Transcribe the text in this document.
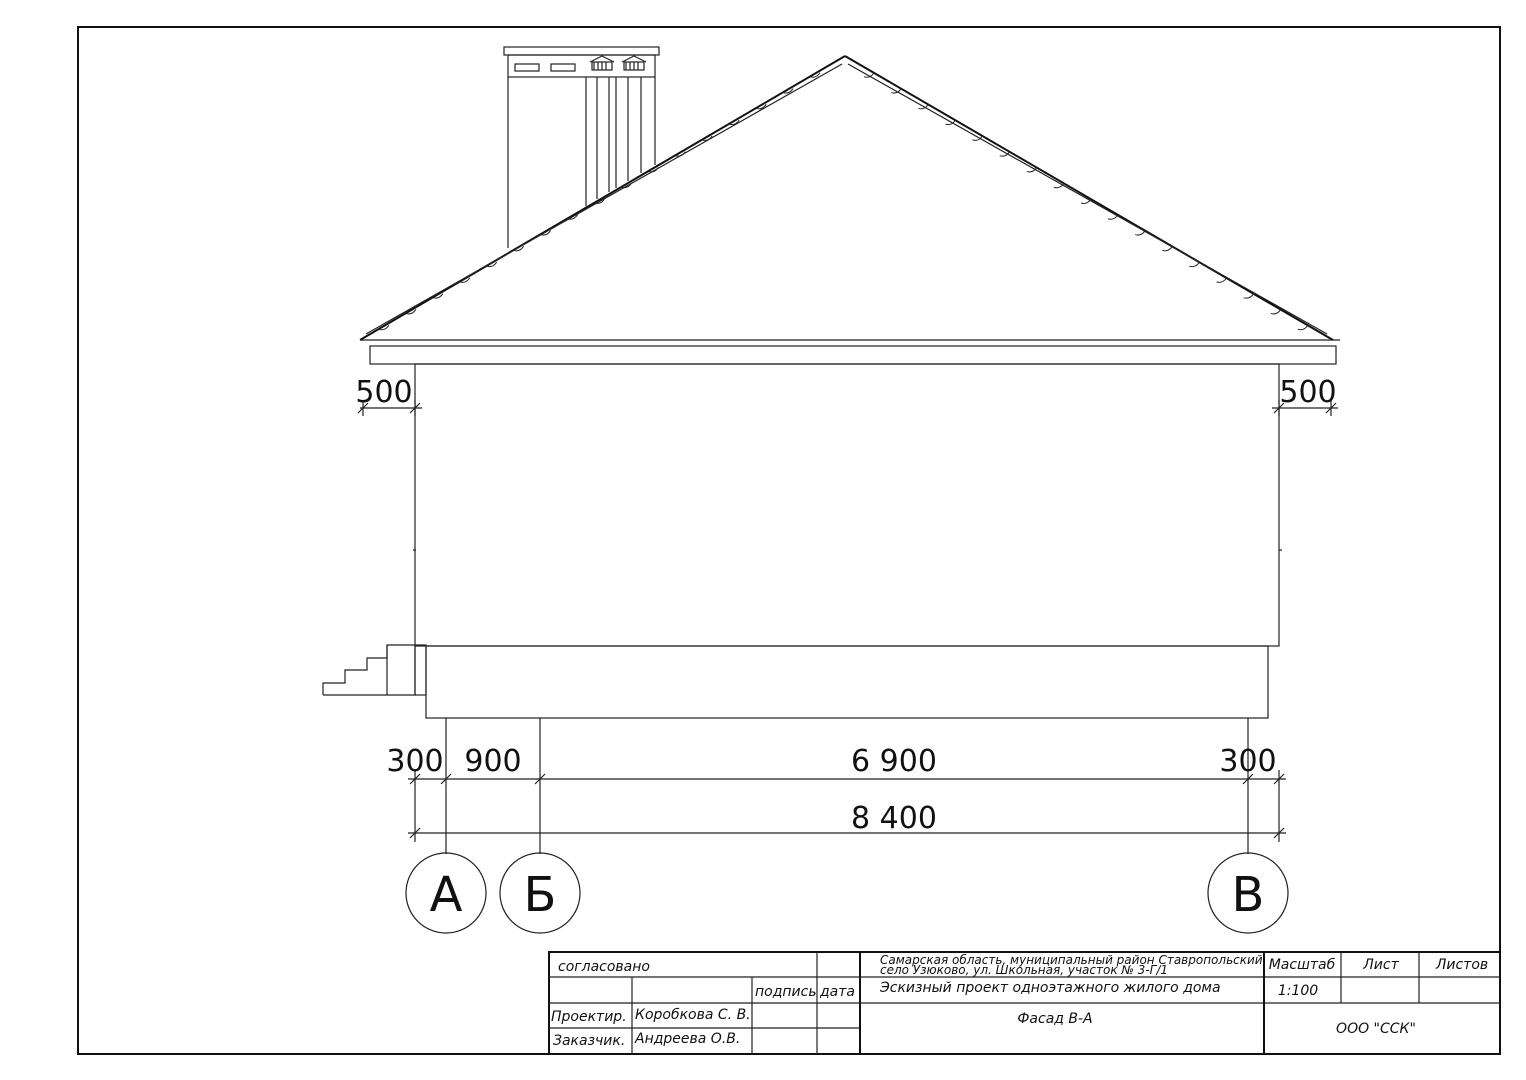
500	500
300 900	6 900	300
8 400
А Б	В
согласовано
подпись дата
Проектир. Коробкова С. В.
Заказчик. Андреева О.В.
Самарская область, муниципальный район Ставропольский,
село Узюково, ул. Школьная, участок № 3-Г/1
Эскизный проект одноэтажного жилого дома
Фасад В-А
Масштаб Лист	Листов
1:100
ООО "ССК"
